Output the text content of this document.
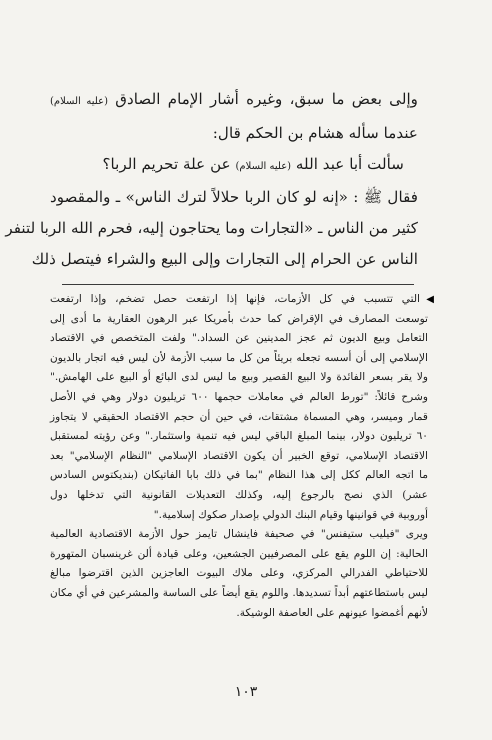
وإلى بعض ما سبق، وغيره أشار الإمام الصادق (عليه السلام)

عندما سأله هشام بن الحكم قال:

سألت أبا عبد الله (عليه السلام) عن علة تحريم الربا؟

فقال ﷺ : «إنه لو كان الربا حلالاً لترك الناس» ـ والمقصود

كثير من الناس ـ «التجارات وما يحتاجون إليه، فحرم الله الربا لتنفر

الناس عن الحرام إلى التجارات وإلى البيع والشراء فيتصل ذلك

◀
التي تتسبب في كل الأزمات، فإنها إذا ارتفعت حصل تضخم، وإذا ارتفعت

توسعت المصارف في الإقراض كما حدث بأمريكا عبر الرهون العقارية ما أدى إلى

التعامل وبيع الديون ثم عجز المدينين عن السداد." ولفت المتخصص في الاقتصاد

الإسلامي إلى أن أسسه تجعله بريئاً من كل ما سبب الأزمة لأن ليس فيه اتجار بالديون

ولا يقر بسعر الفائدة ولا البيع القصير وبيع ما ليس لدى البائع أو البيع على الهامش."

وشرح قائلاً: "تورط العالم في معاملات حجمها ٦٠٠ تريليون دولار وهي في الأصل

قمار وميسر، وهي المسماة مشتقات، في حين أن حجم الاقتصاد الحقيقي لا يتجاوز

٦٠ تريليون دولار، بينما المبلغ الباقي ليس فيه تنمية واستثمار." وعن رؤيته لمستقبل

الاقتصاد الإسلامي، توقع الخبير أن يكون الاقتصاد الإسلامي "النظام الإسلامي" بعد

ما اتجه العالم ككل إلى هذا النظام "بما في ذلك بابا الفاتيكان (بنديكتوس السادس

عشر) الذي نصح بالرجوع إليه، وكذلك التعديلات القانونية التي تدخلها دول

أوروبية في قوانينها وقيام البنك الدولي بإصدار صكوك إسلامية."

ويرى "فيليب ستيفنس" في صحيفة فاينشال تايمز حول الأزمة الاقتصادية العالمية

الحالية: إن اللوم يقع على المصرفيين الجشعين، وعلى قيادة ألن غرينسبان المتهورة

للاحتياطي الفدرالي المركزي، وعلى ملاك البيوت العاجزين الذين اقترضوا مبالغ

ليس باستطاعتهم أبداً تسديدها. واللوم يقع أيضاً على الساسة والمشرعين في أي مكان

لأنهم أغمضوا عيونهم على العاصفة الوشيكة.

١٠٣
